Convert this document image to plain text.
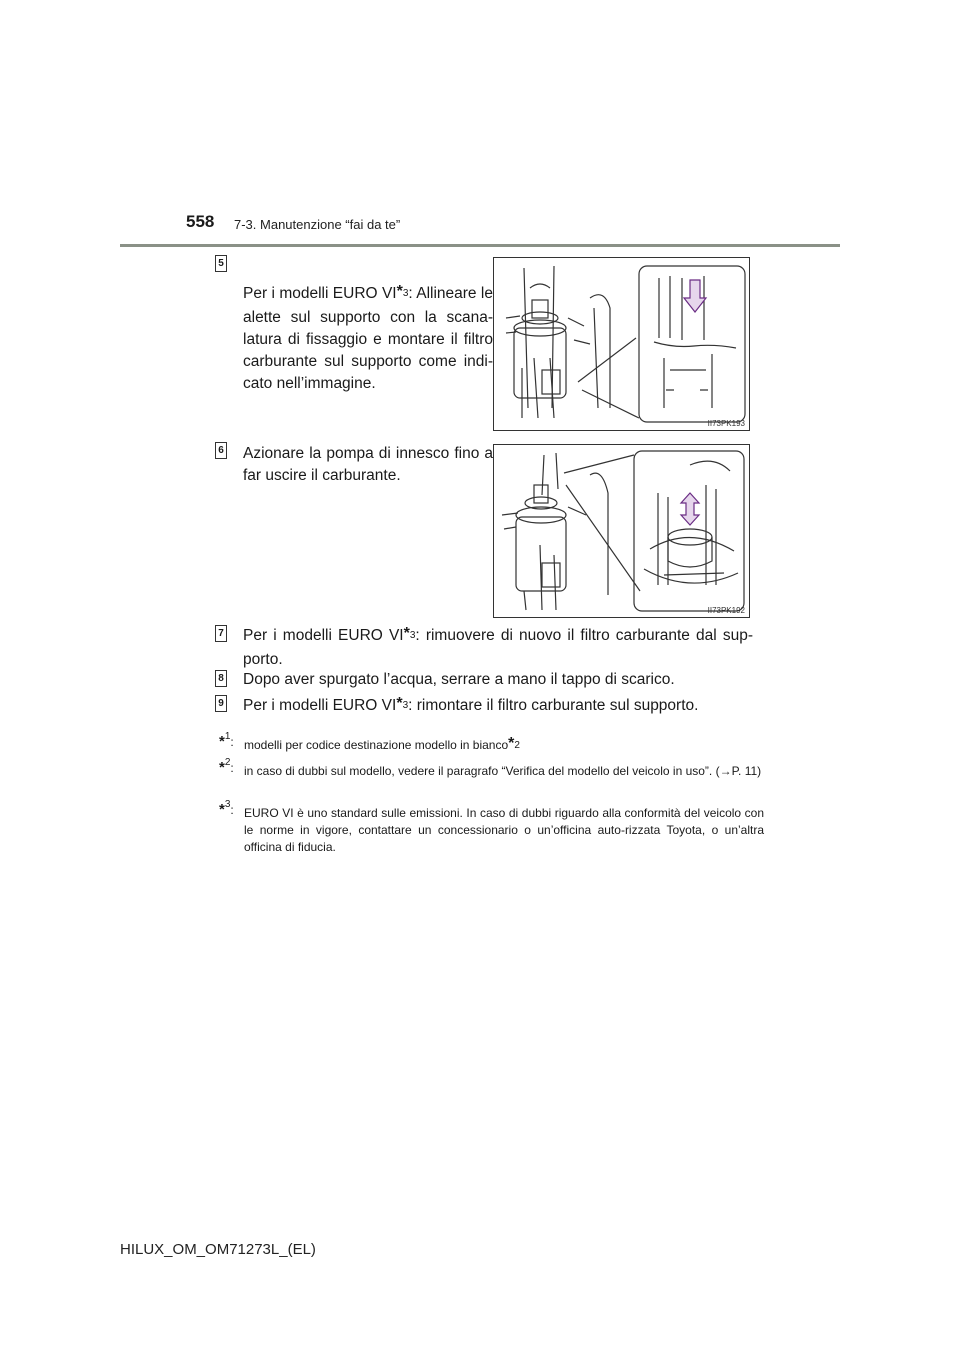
558 7-3. Manutenzione “fai da te”
5
Per i modelli EURO VI$^{*3}$: Allineare le alette sul supporto con la scana-latura di fissaggio e montare il filtro carburante sul supporto come indi-cato nell’immagine.
II73PK193
6 Azionare la pompa di innesco fino a far uscire il carburante.
II73PK192
7 Per i modelli EURO VI$^{*3}$: rimuovere di nuovo il filtro carburante dal sup-porto.
8 Dopo aver spurgato l’acqua, serrare a mano il tappo di scarico.
9 Per i modelli EURO VI$^{*3}$: rimontare il filtro carburante sul supporto.
*$^1$: modelli per codice destinazione modello in bianco$^{*2}$
*$^2$: in caso di dubbi sul modello, vedere il paragrafo “Verifica del modello del veicolo in uso”. (→P. 11)
*$^3$: EURO VI è uno standard sulle emissioni. In caso di dubbi riguardo alla conformità del veicolo con le norme in vigore, contattare un concessionario o un’officina auto-rizzata Toyota, o un’altra officina di fiducia.
HILUX_OM_OM71273L_(EL)
